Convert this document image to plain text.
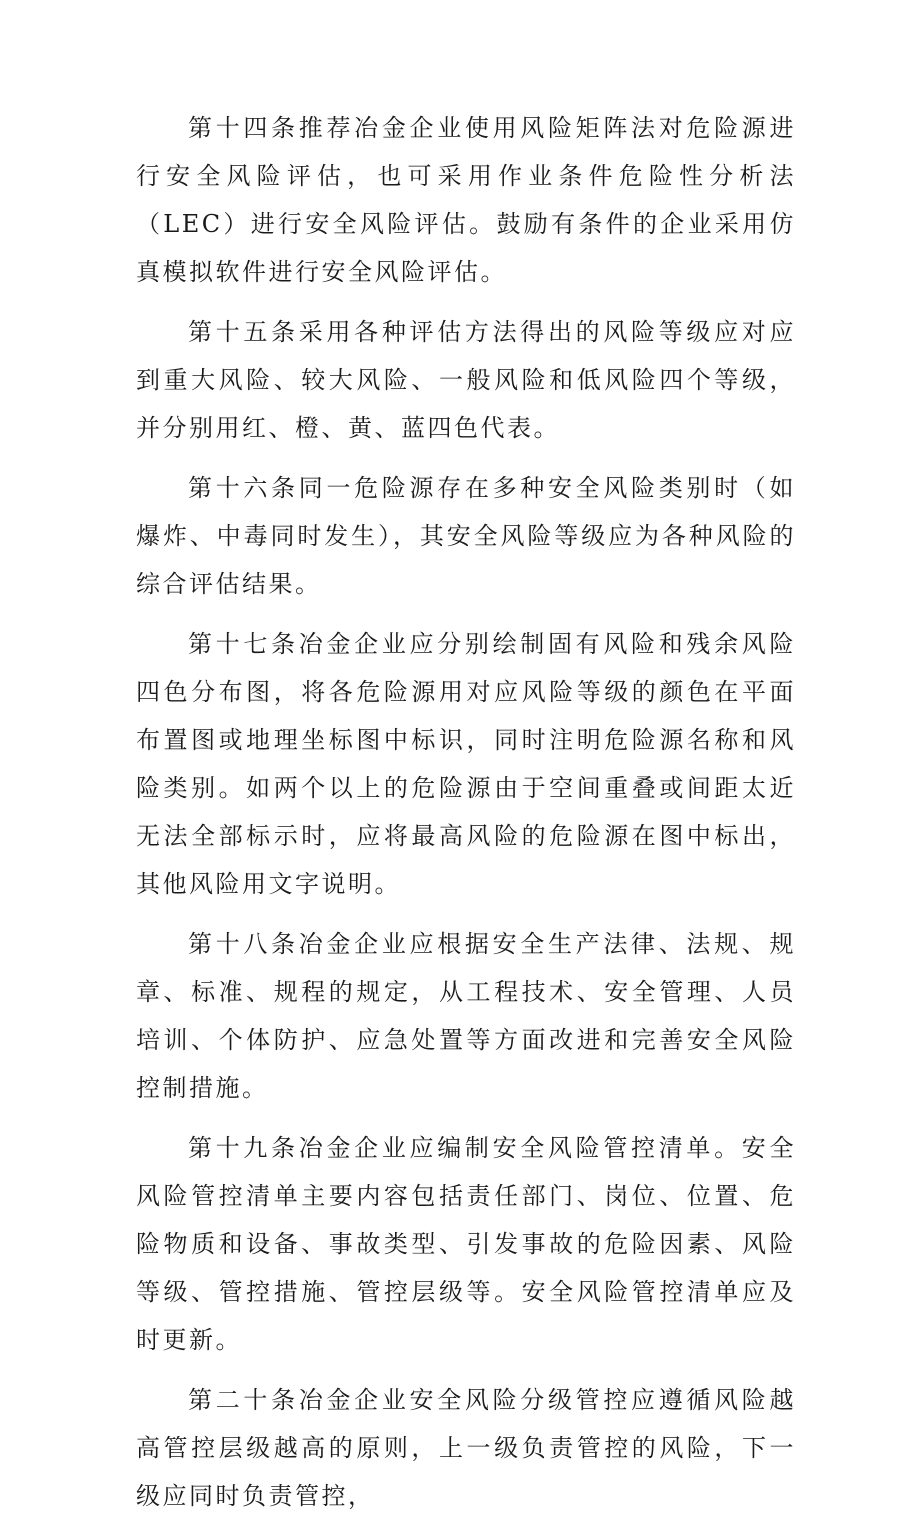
第十四条推荐冶金企业使用风险矩阵法对危险源进行安全风险评估，也可采用作业条件危险性分析法（LEC）进行安全风险评估。鼓励有条件的企业采用仿真模拟软件进行安全风险评估。

第十五条采用各种评估方法得出的风险等级应对应到重大风险、较大风险、一般风险和低风险四个等级，并分别用红、橙、黄、蓝四色代表。

第十六条同一危险源存在多种安全风险类别时（如爆炸、中毒同时发生），其安全风险等级应为各种风险的综合评估结果。

第十七条冶金企业应分别绘制固有风险和残余风险四色分布图，将各危险源用对应风险等级的颜色在平面布置图或地理坐标图中标识，同时注明危险源名称和风险类别。如两个以上的危险源由于空间重叠或间距太近无法全部标示时，应将最高风险的危险源在图中标出，其他风险用文字说明。

第十八条冶金企业应根据安全生产法律、法规、规章、标准、规程的规定，从工程技术、安全管理、人员培训、个体防护、应急处置等方面改进和完善安全风险控制措施。

第十九条冶金企业应编制安全风险管控清单。安全风险管控清单主要内容包括责任部门、岗位、位置、危险物质和设备、事故类型、引发事故的危险因素、风险等级、管控措施、管控层级等。安全风险管控清单应及时更新。

第二十条冶金企业安全风险分级管控应遵循风险越高管控层级越高的原则，上一级负责管控的风险，下一级应同时负责管控，
